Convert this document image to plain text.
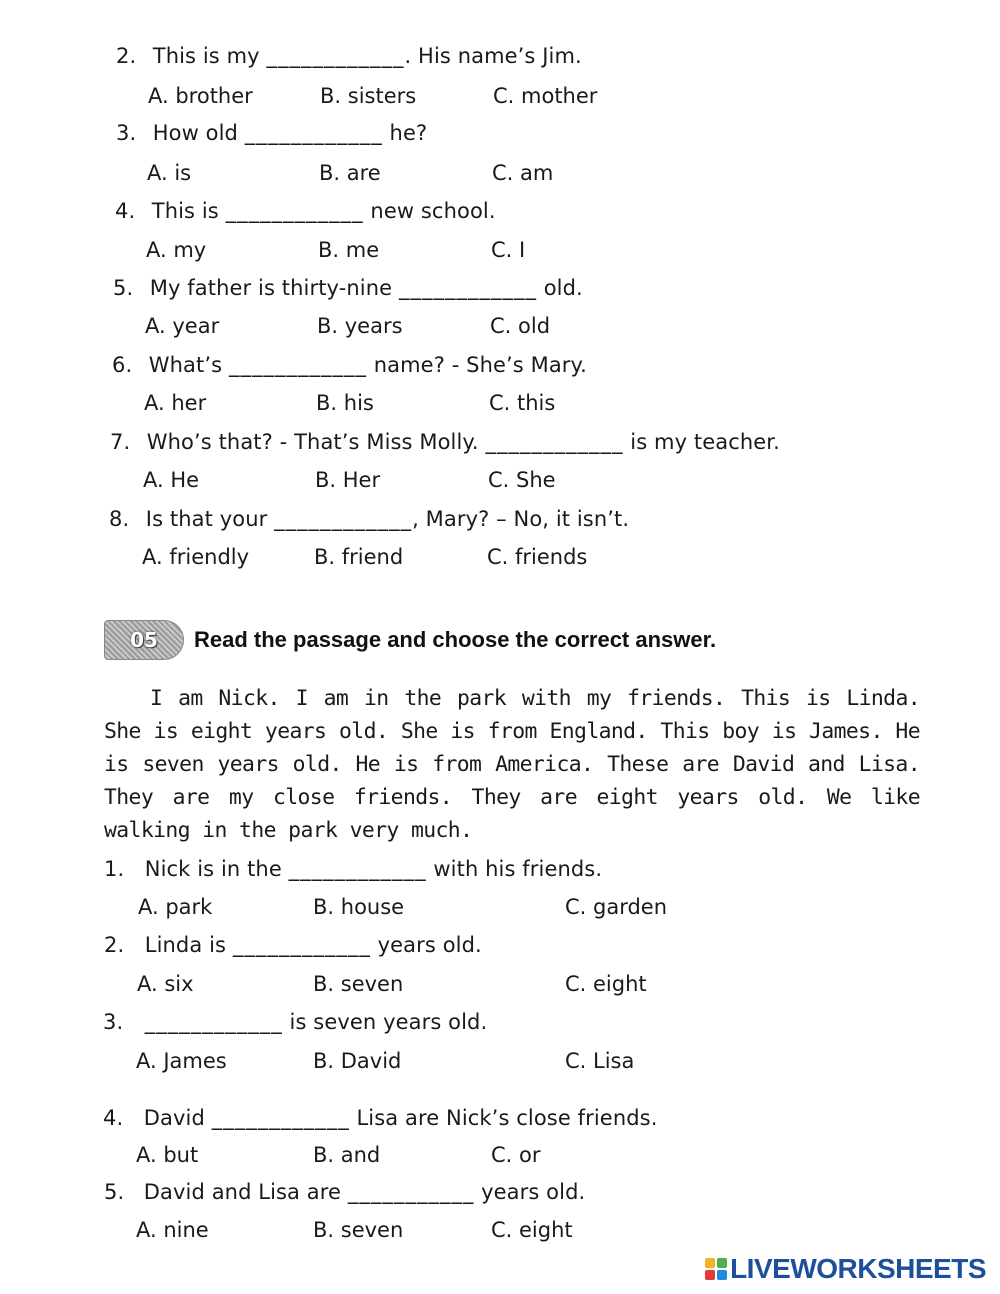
2. This is my ____________. His name’s Jim.
A. brother	B. sisters	C. mother
3. How old ____________ he?
A. is	B. are	C. am
4. This is ____________ new school.
A. my	B. me	C. I
5. My father is thirty-nine ____________ old.
A. year	B. years	C. old
6. What’s ____________ name? - She’s Mary.
A. her	B. his	C. this
7. Who’s that? - That’s Miss Molly. ____________ is my teacher.
A. He	B. Her	C. She
8. Is that your ____________, Mary? – No, it isn’t.
A. friendly	B. friend	C. friends
05	Read the passage and choose the correct answer.
I am Nick. I am in the park with my friends. This is Linda. She is eight years old. She is from England. This boy is James. He is seven years old. He is from America. These are David and Lisa. They are my close friends. They are eight years old. We like walking in the park very much.
1. Nick is in the ____________ with his friends.
A. park	B. house	C. garden
2. Linda is ____________ years old.
A. six	B. seven	C. eight
3. ____________ is seven years old.
A. James	B. David	C. Lisa
4. David ____________ Lisa are Nick’s close friends.
A. but	B. and	C. or
5. David and Lisa are ___________ years old.
A. nine	B. seven	C. eight
LIVEWORKSHEETS
